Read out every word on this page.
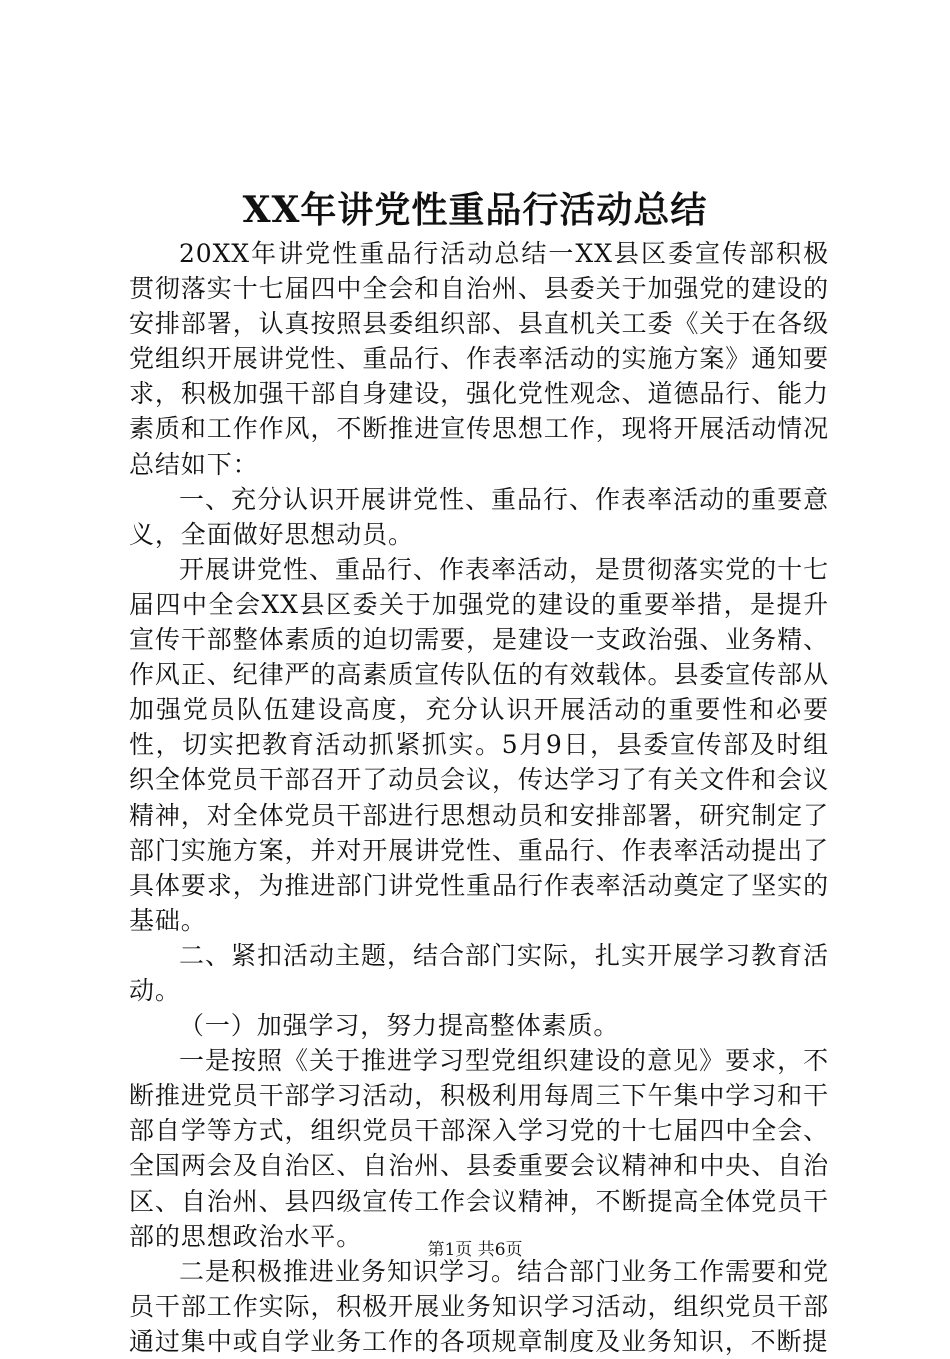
XX年讲党性重品行活动总结

20XX年讲党性重品行活动总结一XX县区委宣传部积极贯彻落实十七届四中全会和自治州、县委关于加强党的建设的安排部署，认真按照县委组织部、县直机关工委《关于在各级党组织开展讲党性、重品行、作表率活动的实施方案》通知要求，积极加强干部自身建设，强化党性观念、道德品行、能力素质和工作作风，不断推进宣传思想工作，现将开展活动情况总结如下：

一、充分认识开展讲党性、重品行、作表率活动的重要意义，全面做好思想动员。

开展讲党性、重品行、作表率活动，是贯彻落实党的十七届四中全会XX县区委关于加强党的建设的重要举措，是提升宣传干部整体素质的迫切需要，是建设一支政治强、业务精、作风正、纪律严的高素质宣传队伍的有效载体。县委宣传部从加强党员队伍建设高度，充分认识开展活动的重要性和必要性，切实把教育活动抓紧抓实。5月9日，县委宣传部及时组织全体党员干部召开了动员会议，传达学习了有关文件和会议精神，对全体党员干部进行思想动员和安排部署，研究制定了部门实施方案，并对开展讲党性、重品行、作表率活动提出了具体要求，为推进部门讲党性重品行作表率活动奠定了坚实的基础。

二、紧扣活动主题，结合部门实际，扎实开展学习教育活动。

（一）加强学习，努力提高整体素质。

一是按照《关于推进学习型党组织建设的意见》要求，不断推进党员干部学习活动，积极利用每周三下午集中学习和干部自学等方式，组织党员干部深入学习党的十七届四中全会、全国两会及自治区、自治州、县委重要会议精神和中央、自治区、自治州、县四级宣传工作会议精神，不断提高全体党员干部的思想政治水平。

二是积极推进业务知识学习。结合部门业务工作需要和党员干部工作实际，积极开展业务知识学习活动，组织党员干部通过集中或自学业务工作的各项规章制度及业务知识，不断提

第1页 共6页
